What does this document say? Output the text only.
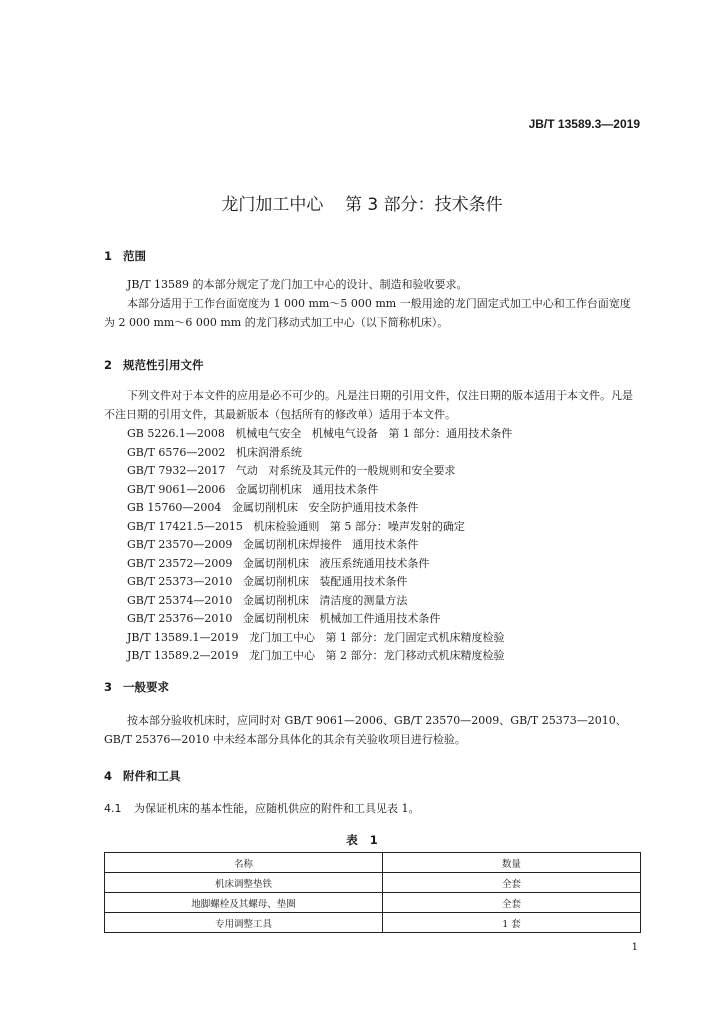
JB/T 13589.3—2019
龙门加工中心    第 3 部分：技术条件
1 范围
JB/T 13589 的本部分规定了龙门加工中心的设计、制造和验收要求。
本部分适用于工作台面宽度为 1 000 mm～5 000 mm 一般用途的龙门固定式加工中心和工作台面宽度为 2 000 mm～6 000 mm 的龙门移动式加工中心（以下简称机床）。
2 规范性引用文件
下列文件对于本文件的应用是必不可少的。凡是注日期的引用文件，仅注日期的版本适用于本文件。凡是不注日期的引用文件，其最新版本（包括所有的修改单）适用于本文件。
GB 5226.1—2008   机械电气安全   机械电气设备   第 1 部分：通用技术条件
GB/T 6576—2002   机床润滑系统
GB/T 7932—2017   气动   对系统及其元件的一般规则和安全要求
GB/T 9061—2006   金属切削机床   通用技术条件
GB 15760—2004   金属切削机床   安全防护通用技术条件
GB/T 17421.5—2015   机床检验通则   第 5 部分：噪声发射的确定
GB/T 23570—2009   金属切削机床焊接件   通用技术条件
GB/T 23572—2009   金属切削机床   液压系统通用技术条件
GB/T 25373—2010   金属切削机床   装配通用技术条件
GB/T 25374—2010   金属切削机床   清洁度的测量方法
GB/T 25376—2010   金属切削机床   机械加工件通用技术条件
JB/T 13589.1—2019   龙门加工中心   第 1 部分：龙门固定式机床精度检验
JB/T 13589.2—2019   龙门加工中心   第 2 部分：龙门移动式机床精度检验
3 一般要求
按本部分验收机床时，应同时对 GB/T 9061—2006、GB/T 23570—2009、GB/T 25373—2010、GB/T 25376—2010 中未经本部分具体化的其余有关验收项目进行检验。
4 附件和工具
4.1 为保证机床的基本性能，应随机供应的附件和工具见表 1。
表   1
名称	数量
机床调整垫铁	全套
地脚螺栓及其螺母、垫圈	全套
专用调整工具	1 套
1
